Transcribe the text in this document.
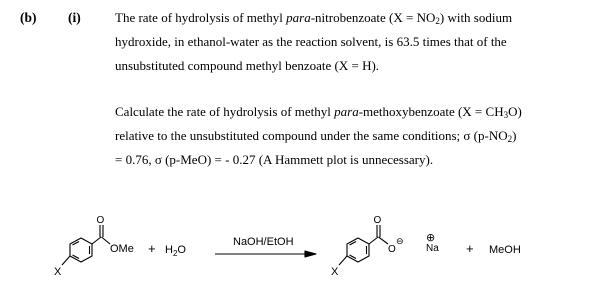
(b) (i)	The rate of hydrolysis of methyl para-nitrobenzoate $(X = NO_2)$ with sodium
hydroxide, in ethanol-water as the reaction solvent, is 63.5 times that of the
unsubstituted compound methyl benzoate (X = H).
Calculate the rate of hydrolysis of methyl para-methoxybenzoate $(X = CH_3O)$
relative to the unsubstituted compound under the same conditions; σ $(p-NO_2)$
= 0.76, σ (p-MeO) = - 0.27 (A Hammett plot is unnecessary).
O
OMe
X
+ $H_2O$
NaOH/EtOH
O
O
⊖
Na
⊕
X
+ MeOH
